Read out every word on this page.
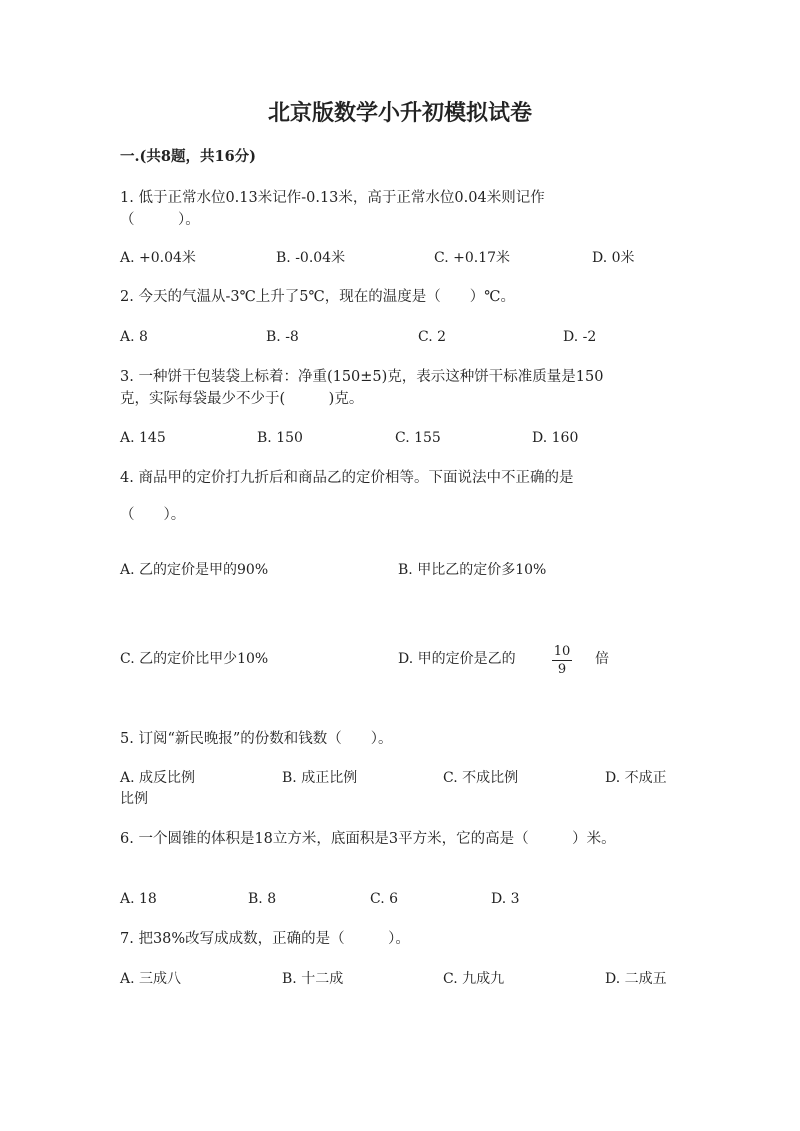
北京版数学小升初模拟试卷
一.(共8题，共16分)
1. 低于正常水位0.13米记作-0.13米，高于正常水位0.04米则记作
（　　　）。
A. +0.04米	B. -0.04米	C. +0.17米	D. 0米
2. 今天的气温从-3℃上升了5℃，现在的温度是（　　）℃。
A. 8	B. -8	C. 2	D. -2
3. 一种饼干包装袋上标着：净重(150±5)克，表示这种饼干标准质量是150
克，实际每袋最少不少于(　　　)克。
A. 145	B. 150	C. 155	D. 160
4. 商品甲的定价打九折后和商品乙的定价相等。下面说法中不正确的是
（　　）。
A. 乙的定价是甲的90%	B. 甲比乙的定价多10%
C. 乙的定价比甲少10%	D. 甲的定价是乙的	10
9
倍
5. 订阅“新民晚报”的份数和钱数（　　）。
A. 成反比例	B. 成正比例	C. 不成比例	D. 不成正
比例
6. 一个圆锥的体积是18立方米，底面积是3平方米，它的高是（　　　）米。
A. 18	B. 8	C. 6	D. 3
7. 把38%改写成成数，正确的是（　　　）。
A. 三成八	B. 十二成	C. 九成九	D. 二成五
